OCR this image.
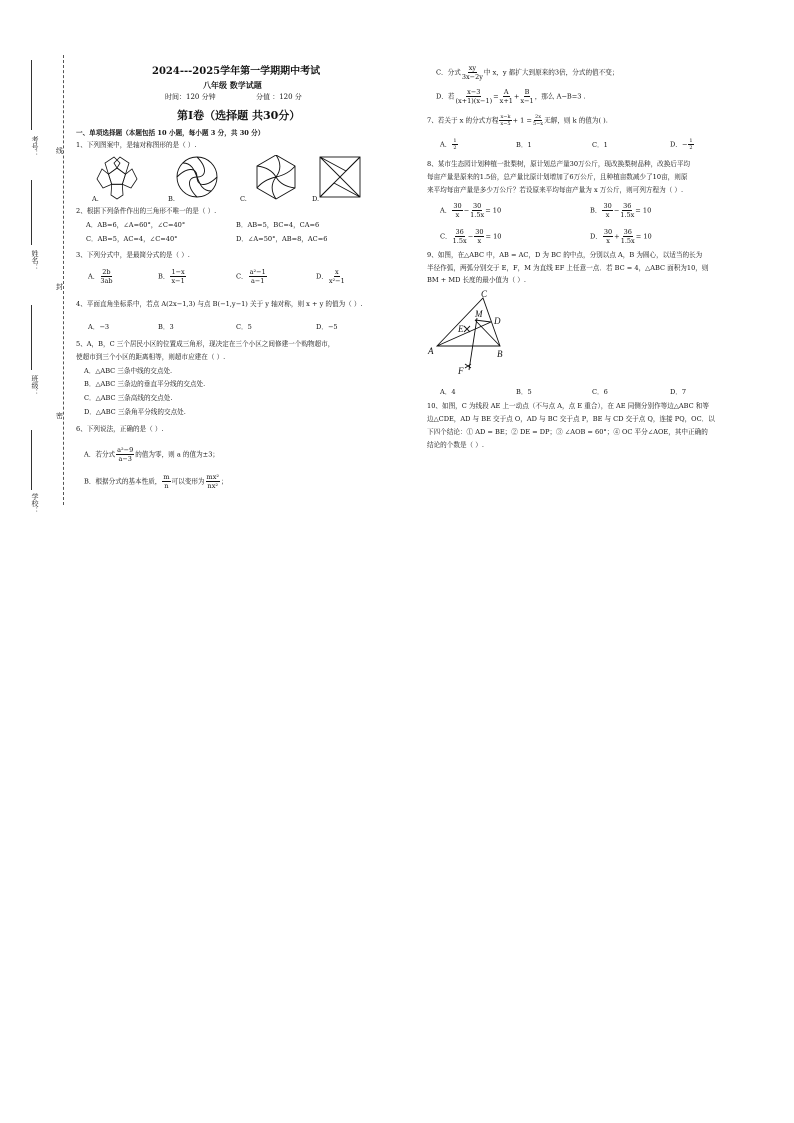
考号：
姓名：
班级：
学校：
线
封
密
2024---2025学年第一学期期中考试
八年级 数学试题
时间：120 分钟	分值 ：120 分
第Ⅰ卷（选择题 共30分）
一、单项选择题（本题包括 10 小题，每小题 3 分，共 30 分）
1、下列图案中，是轴对称图形的是（ ）.
A.	B.	C.	D.
2、根据下列条件作出的三角形不唯一的是（ ）.
A．AB=6，∠A=60°，∠C=40°	B．AB=5，BC=4，CA=6
C．AB=5，AC=4，∠C=40°	D．∠A=50°，AB=8，AC=6
3、下列分式中，是最简分式的是（ ）.
A． $\frac{2b}{3ab}$	B． $\frac{1-x}{x-1}$	C． $\frac{\text{a²−1}}{a-1}$	D． $\frac{x}{\text{x²−1}}$
4、平面直角坐标系中，若点 A(2x−1,3) 与点 B(−1,y−1) 关于 y 轴对称，则 x + y 的值为（ ）.
A．−3	B．3	C．5	D．−5
5、A，B，C 三个居民小区的位置成三角形，现决定在三个小区之间修建一个购物超市，
使超市到三个小区的距离相等，则超市应建在（ ）.
A．△ABC 三条中线的交点处.
B．△ABC 三条边的垂直平分线的交点处.
C．△ABC 三条高线的交点处.
D．△ABC 三条角平分线的交点处.
6、下列说法，正确的是（ ）.
A．若分式 $\frac{\text{a²−9}}{a-3}$ 的值为零，则 a 的值为±3；
B．根据分式的基本性质， $\frac{m}{n}$ 可以变形为 $\frac{\text{mx²}}{\text{nx²}}$ ；
C．分式 $\frac{xy}{3x-2y}$ 中 x，y 都扩大到原来的3倍，分式的值不变；
D．若 $\frac{x-3}{(x+1)(x-1)} = \frac{A}{x+1} + \frac{B}{x-1}$ ，那么 A−B=3 .
7、若关于 x 的分式方程 $\frac{x-k}{x-5} + 1 = \frac{2x}{5-x}$ 无解，则 k 的值为( ).
A． $\frac{1}{2}$	B．1	C．1	D．− $\frac{1}{2}$
8、某市生态园计划种植一批梨树，原计划总产量30万公斤，现改换梨树品种，改换后平均
每亩产量是原来的1.5倍，总产量比原计划增加了6万公斤，且种植亩数减少了10亩，则原
来平均每亩产量是多少万公斤？若设原来平均每亩产量为 x 万公斤，则可列方程为（ ）.
A． $\frac{30}{x} - \frac{30}{1.5x} = 10$	B． $\frac{30}{x} - \frac{36}{1.5x} = 10$
C． $\frac{36}{1.5x} - \frac{30}{x} = 10$	D． $\frac{30}{x} + \frac{36}{1.5x} = 10$
9、如图，在△ABC 中，AB = AC，D 为 BC 的中点，分别以点 A，B 为圆心，以适当的长为
半径作弧，两弧分别交于 E，F，M 为直线 EF 上任意一点．若 BC = 4，△ABC 面积为10，则
BM + MD 长度的最小值为（ ）.
C
A	B
D
E
M
F
A．4	B．5	C．6	D．7
10、如图，C 为线段 AE 上一动点（不与点 A，点 E 重合），在 AE 同侧分别作等边△ABC 和等
边△CDE，AD 与 BE 交于点 O，AD 与 BC 交于点 P，BE 与 CD 交于点 Q，连接 PQ，OC．以
下四个结论：① AD = BE；② DE = DP；③ ∠AOB = 60°；④ OC 平分∠AOE，其中正确的
结论的个数是（ ）.
